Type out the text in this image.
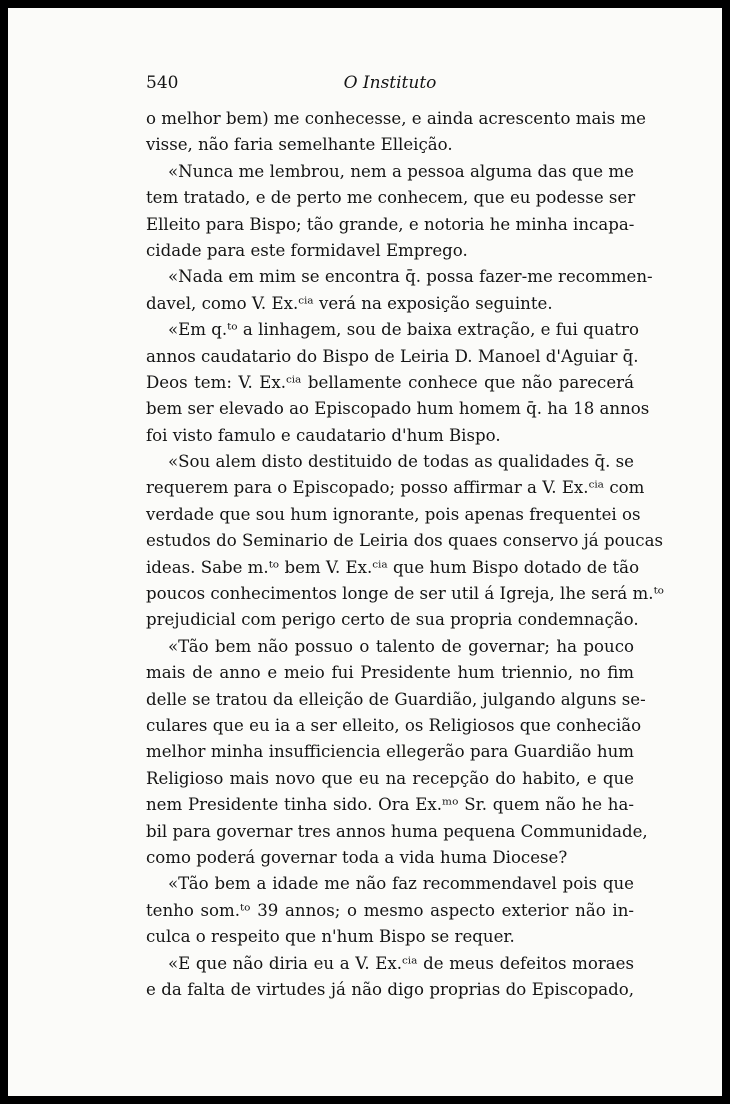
540	O Instituto
o melhor bem) me conhecesse, e ainda acrescento mais me
visse, não faria semelhante Elleição.
«Nunca me lembrou, nem a pessoa alguma das que me
tem tratado, e de perto me conhecem, que eu podesse ser
Elleito para Bispo; tão grande, e notoria he minha incapa-
cidade para este formidavel Emprego.
«Nada em mim se encontra q̄. possa fazer-me recommen-
davel, como V. Ex.ᶜⁱᵃ verá na exposição seguinte.
«Em q.ᵗᵒ a linhagem, sou de baixa extração, e fui quatro
annos caudatario do Bispo de Leiria D. Manoel d'Aguiar q̄.
Deos tem: V. Ex.ᶜⁱᵃ bellamente conhece que não parecerá
bem ser elevado ao Episcopado hum homem q̄. ha 18 annos
foi visto famulo e caudatario d'hum Bispo.
«Sou alem disto destituido de todas as qualidades q̄. se
requerem para o Episcopado; posso affirmar a V. Ex.ᶜⁱᵃ com
verdade que sou hum ignorante, pois apenas frequentei os
estudos do Seminario de Leiria dos quaes conservo já poucas
ideas. Sabe m.ᵗᵒ bem V. Ex.ᶜⁱᵃ que hum Bispo dotado de tão
poucos conhecimentos longe de ser util á Igreja, lhe será m.ᵗᵒ
prejudicial com perigo certo de sua propria condemnação.
«Tão bem não possuo o talento de governar; ha pouco
mais de anno e meio fui Presidente hum triennio, no fim
delle se tratou da elleição de Guardião, julgando alguns se-
culares que eu ia a ser elleito, os Religiosos que conhecião
melhor minha insufficiencia ellegerão para Guardião hum
Religioso mais novo que eu na recepção do habito, e que
nem Presidente tinha sido. Ora Ex.ᵐᵒ Sr. quem não he ha-
bil para governar tres annos huma pequena Communidade,
como poderá governar toda a vida huma Diocese?
«Tão bem a idade me não faz recommendavel pois que
tenho som.ᵗᵒ 39 annos; o mesmo aspecto exterior não in-
culca o respeito que n'hum Bispo se requer.
«E que não diria eu a V. Ex.ᶜⁱᵃ de meus defeitos moraes
e da falta de virtudes já não digo proprias do Episcopado,
